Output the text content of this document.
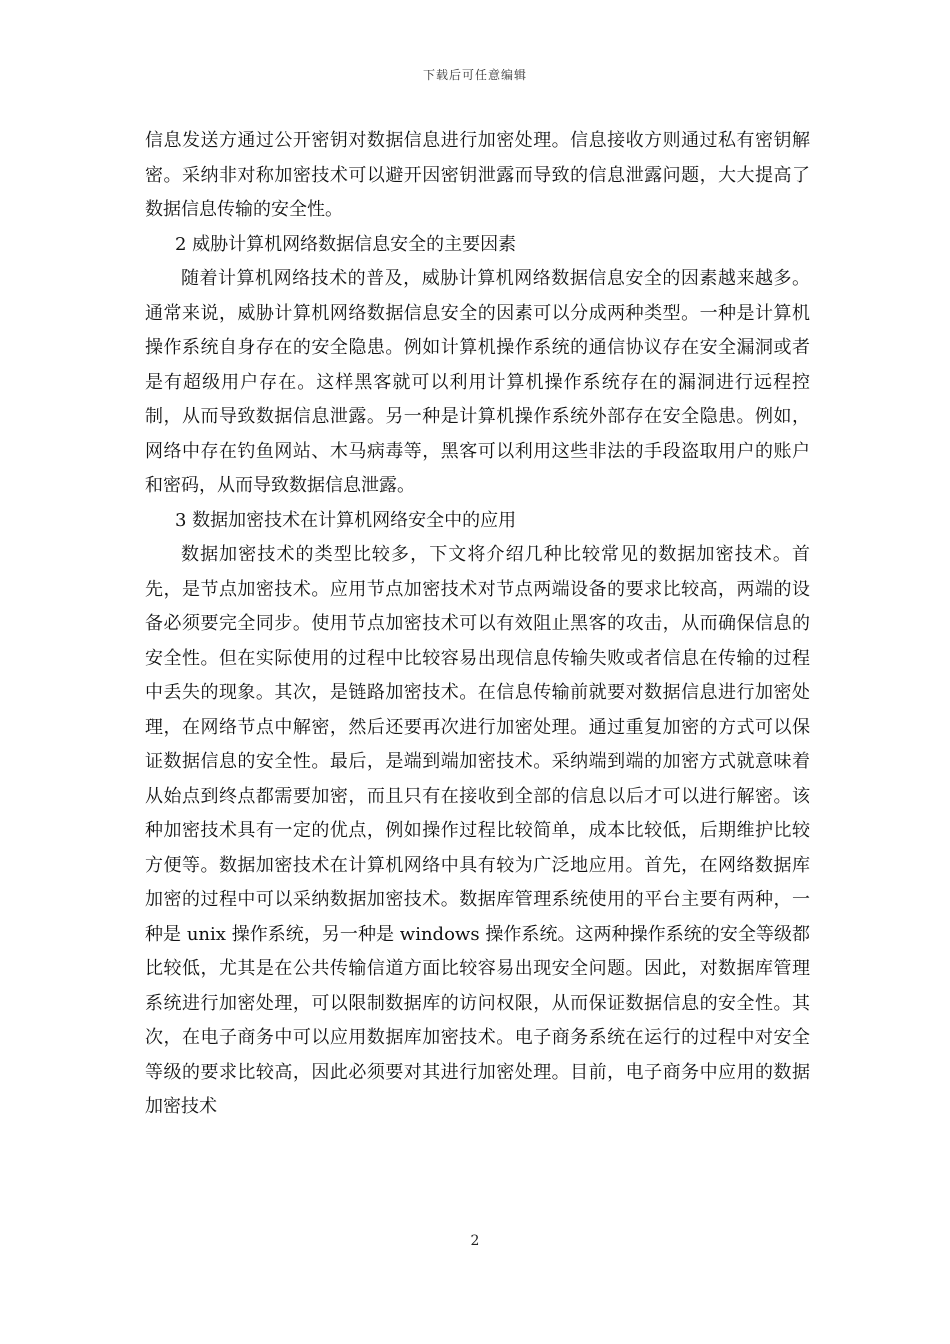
下载后可任意编辑

信息发送方通过公开密钥对数据信息进行加密处理。信息接收方则通过私有密钥解密。采纳非对称加密技术可以避开因密钥泄露而导致的信息泄露问题，大大提高了数据信息传输的安全性。

2 威胁计算机网络数据信息安全的主要因素

随着计算机网络技术的普及，威胁计算机网络数据信息安全的因素越来越多。通常来说，威胁计算机网络数据信息安全的因素可以分成两种类型。一种是计算机操作系统自身存在的安全隐患。例如计算机操作系统的通信协议存在安全漏洞或者是有超级用户存在。这样黑客就可以利用计算机操作系统存在的漏洞进行远程控制，从而导致数据信息泄露。另一种是计算机操作系统外部存在安全隐患。例如，网络中存在钓鱼网站、木马病毒等，黑客可以利用这些非法的手段盗取用户的账户和密码，从而导致数据信息泄露。

3 数据加密技术在计算机网络安全中的应用

数据加密技术的类型比较多，下文将介绍几种比较常见的数据加密技术。首先，是节点加密技术。应用节点加密技术对节点两端设备的要求比较高，两端的设备必须要完全同步。使用节点加密技术可以有效阻止黑客的攻击，从而确保信息的安全性。但在实际使用的过程中比较容易出现信息传输失败或者信息在传输的过程中丢失的现象。其次，是链路加密技术。在信息传输前就要对数据信息进行加密处理，在网络节点中解密，然后还要再次进行加密处理。通过重复加密的方式可以保证数据信息的安全性。最后，是端到端加密技术。采纳端到端的加密方式就意味着从始点到终点都需要加密，而且只有在接收到全部的信息以后才可以进行解密。该种加密技术具有一定的优点，例如操作过程比较简单，成本比较低，后期维护比较方便等。数据加密技术在计算机网络中具有较为广泛地应用。首先，在网络数据库加密的过程中可以采纳数据加密技术。数据库管理系统使用的平台主要有两种，一种是 unix 操作系统，另一种是 windows 操作系统。这两种操作系统的安全等级都比较低，尤其是在公共传输信道方面比较容易出现安全问题。因此，对数据库管理系统进行加密处理，可以限制数据库的访问权限，从而保证数据信息的安全性。其次，在电子商务中可以应用数据库加密技术。电子商务系统在运行的过程中对安全等级的要求比较高，因此必须要对其进行加密处理。目前，电子商务中应用的数据加密技术

2
